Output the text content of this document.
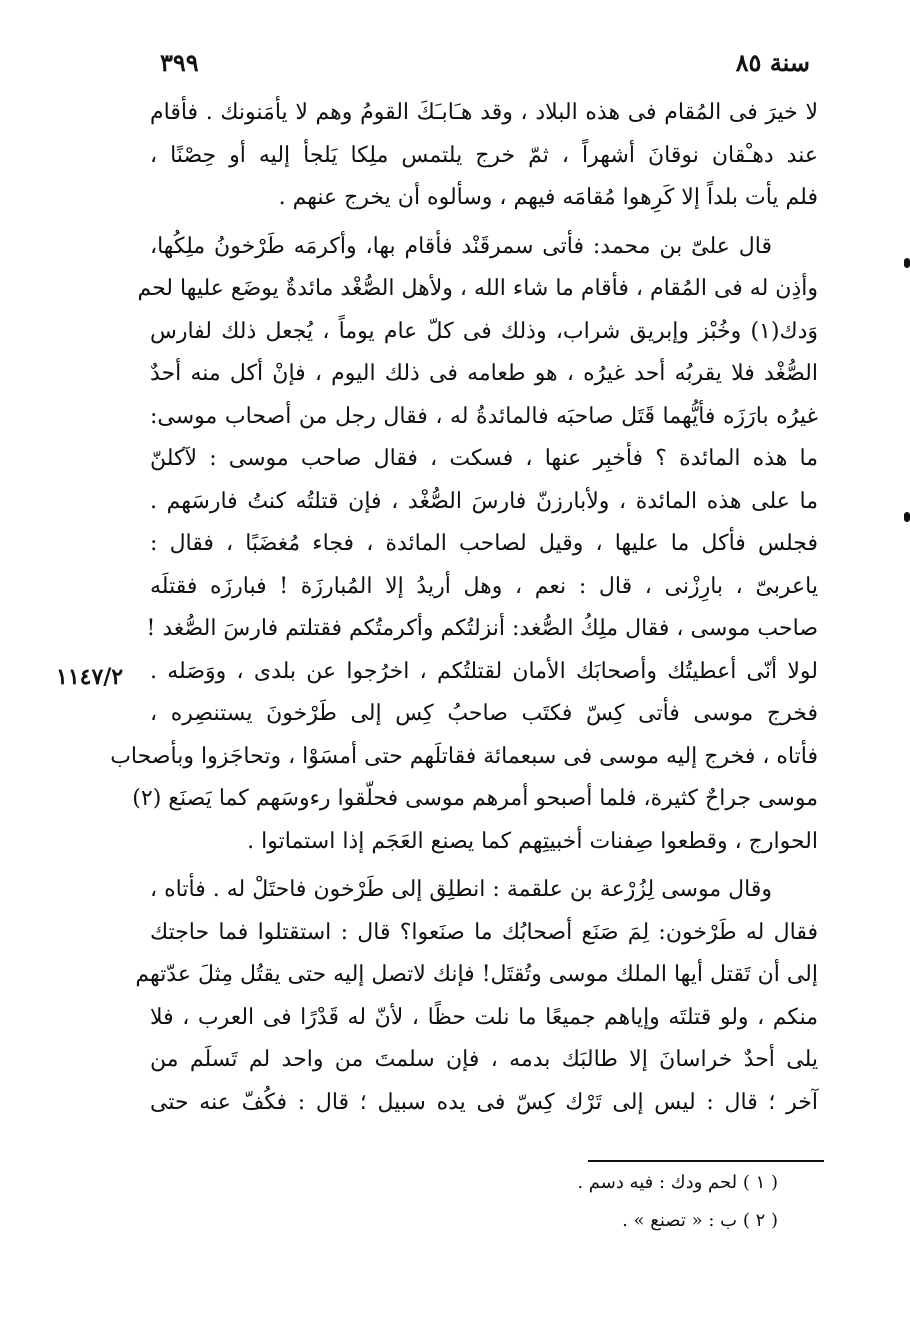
٣٩٩	سنة ٨٥
١١٤٧/٢
لا خيرَ فى المُقام فى هذه البلاد ، وقد هـَابـَكَ القومُ وهم لا يأمَنونك . فأقام
عند دهـْقان نوقانَ أشهراً ، ثمّ خرج يلتمس ملِكا يَلجأ إليه أو حِصْنًا ،
فلم يأت بلداً إلا كَرِهوا مُقامَه فيهم ، وسألوه أن يخرج عنهم .
قال علىّ بن محمد: فأتى سمرقَنْد فأقام بها، وأكرمَه طَرْخونُ ملِكُها،
وأذِن له فى المُقام ، فأقام ما شاء الله ، ولأهل الصُّغْد مائدةٌ يوضَع عليها لحم
وَدك(١) وخُبْز وإبريق شراب، وذلك فى كلّ عام يوماً ، يُجعل ذلك لفارس
الصُّغْد فلا يقربُه أحد غيرُه ، هو طعامه فى ذلك اليوم ، فإنْ أكل منه أحدٌ
غيرُه بارَزَه فأيُّهما قَتَل صاحبَه فالمائدةُ له ، فقال رجل من أصحاب موسى:
ما هذه المائدة ؟ فأخبِر عنها ، فسكت ، فقال صاحب موسى : لآكلنّ
ما على هذه المائدة ، ولأبارزنّ فارسَ الصُّغْد ، فإن قتلتُه كنتُ فارسَهم .
فجلس فأكل ما عليها ، وقيل لصاحب المائدة ، فجاء مُغضَبًا ، فقال :
ياعربىّ ، بارِزْنى ، قال : نعم ، وهل أريدُ إلا المُبارزَة ! فبارزَه فقتلَه
صاحب موسى ، فقال ملِكُ الصُّغد: أنزلتُكم وأكرمتُكم فقتلتم فارسَ الصُّغد !
لولا أنّى أعطيتُك وأصحابَك الأمان لقتلتُكم ، اخرُجوا عن بلدى ، ووَصَله .
فخرج موسى فأتى كِسّ فكتَب صاحبُ كِس إلى طَرْخونَ يستنصِره ،
فأتاه ، فخرج إليه موسى فى سبعمائة فقاتلَهم حتى أمسَوْا ، وتحاجَزوا وبأصحاب
موسى جراحٌ كثيرة، فلما أصبحو أمرهم موسى فحلّقوا رءوسَهم كما يَصنَع (٢)
الحوارج ، وقطعوا صِفنات أخبيتِهم كما يصنع العَجَم إذا استماتوا .
وقال موسى لِزُرْعة بن علقمة : انطلِق إلى طَرْخون فاحتَلْ له . فأتاه ،
فقال له طَرْخون: لِمَ صَنَع أصحابُك ما صنَعوا؟ قال : استقتلوا فما حاجتك
إلى أن تَقتل أيها الملك موسى وتُقتَل! فإنك لاتصل إليه حتى يقتُل مِثلَ عدّتهم
منكم ، ولو قتلتَه وإياهم جميعًا ما نلت حظًا ، لأنّ له قَدْرًا فى العرب ، فلا
يلى أحدٌ خراسانَ إلا طالبَك بدمه ، فإن سلمتَ من واحد لم تَسلَم من
آخر ؛ قال : ليس إلى تَرْك كِسّ فى يده سبيل ؛ قال : فكُفّ عنه حتى
( ١ ) لحم ودك : فيه دسم .
( ٢ ) ب : « تصنع » .
